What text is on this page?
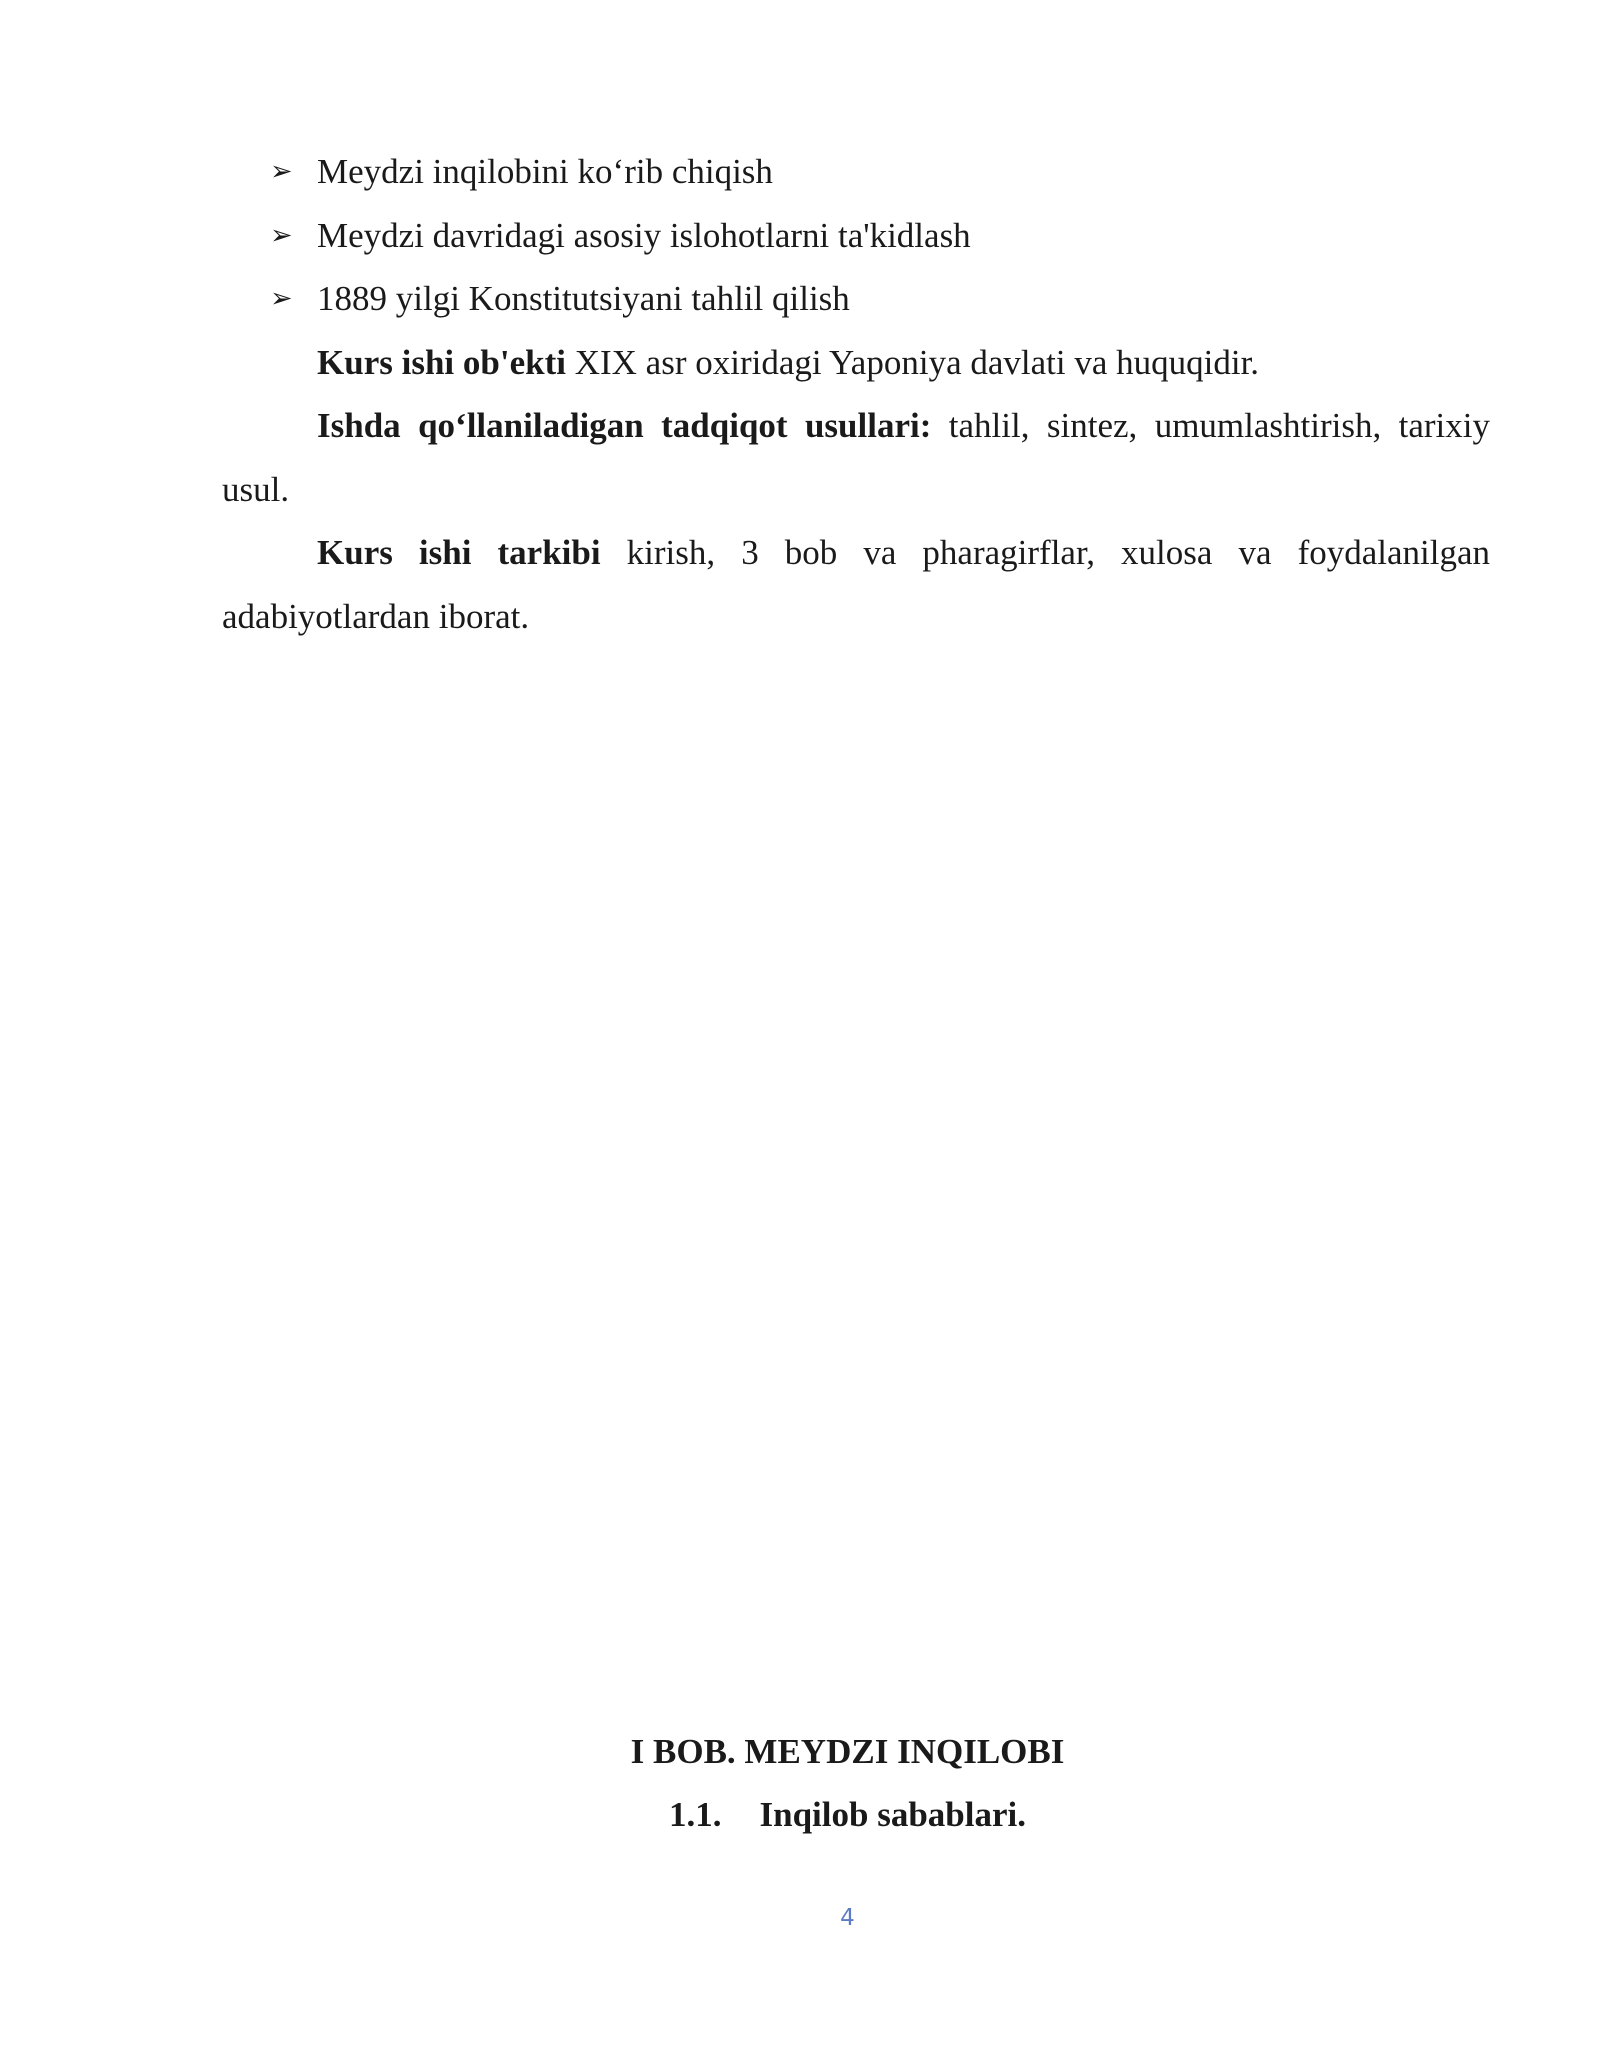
➢ Meydzi inqilobini ko‘rib chiqish
➢ Meydzi davridagi asosiy islohotlarni ta'kidlash
➢ 1889 yilgi Konstitutsiyani tahlil qilish

Kurs ishi ob'ekti XIX asr oxiridagi Yaponiya davlati va huquqidir.

Ishda qo‘llaniladigan tadqiqot usullari: tahlil, sintez, umumlashtirish, tarixiy usul.

Kurs ishi tarkibi kirish, 3 bob va pharagirflar, xulosa va foydalanilgan adabiyotlardan iborat.

I BOB. MEYDZI INQILOBI
1.1. Inqilob sabablari.
4
